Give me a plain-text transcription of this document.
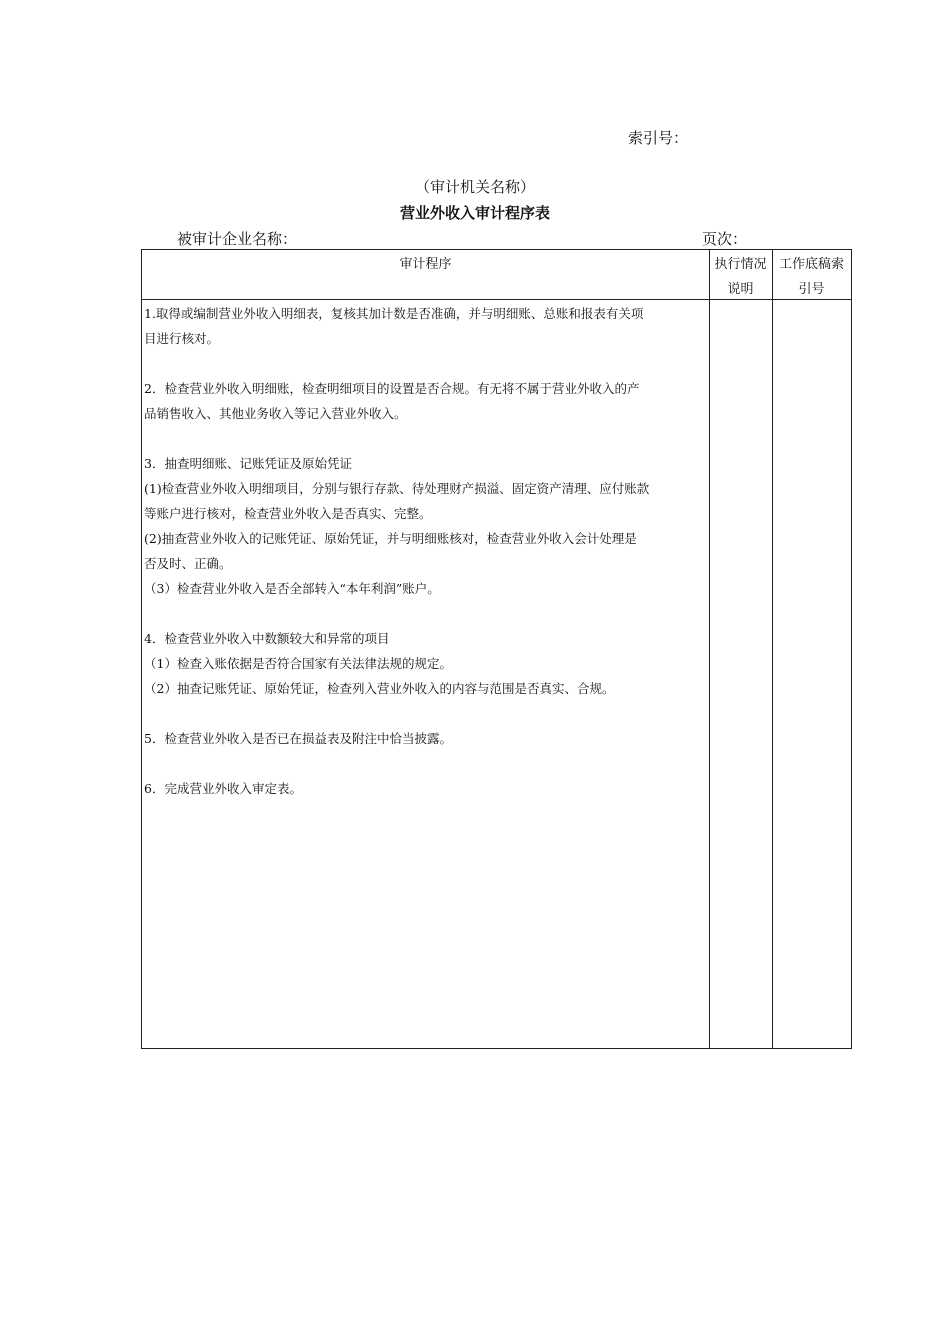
索引号：
（审计机关名称）
营业外收入审计程序表
被审计企业名称：	页次：
审计程序	执行情况
说明
工作底稿索
引号
1.取得或编制营业外收入明细表，复核其加计数是否准确，并与明细账、总账和报表有关项
目进行核对。
2．检查营业外收入明细账，检查明细项目的设置是否合规。有无将不属于营业外收入的产
品销售收入、其他业务收入等记入营业外收入。
3．抽查明细账、记账凭证及原始凭证
(1)检查营业外收入明细项目，分别与银行存款、待处理财产损溢、固定资产清理、应付账款
等账户进行核对，检查营业外收入是否真实、完整。
(2)抽查营业外收入的记账凭证、原始凭证，并与明细账核对，检查营业外收入会计处理是
否及时、正确。
（3）检查营业外收入是否全部转入“本年利润”账户。
4．检查营业外收入中数额较大和异常的项目
（1）检查入账依据是否符合国家有关法律法规的规定。
（2）抽查记账凭证、原始凭证，检查列入营业外收入的内容与范围是否真实、合规。
5．检查营业外收入是否已在损益表及附注中恰当披露。
6．完成营业外收入审定表。
